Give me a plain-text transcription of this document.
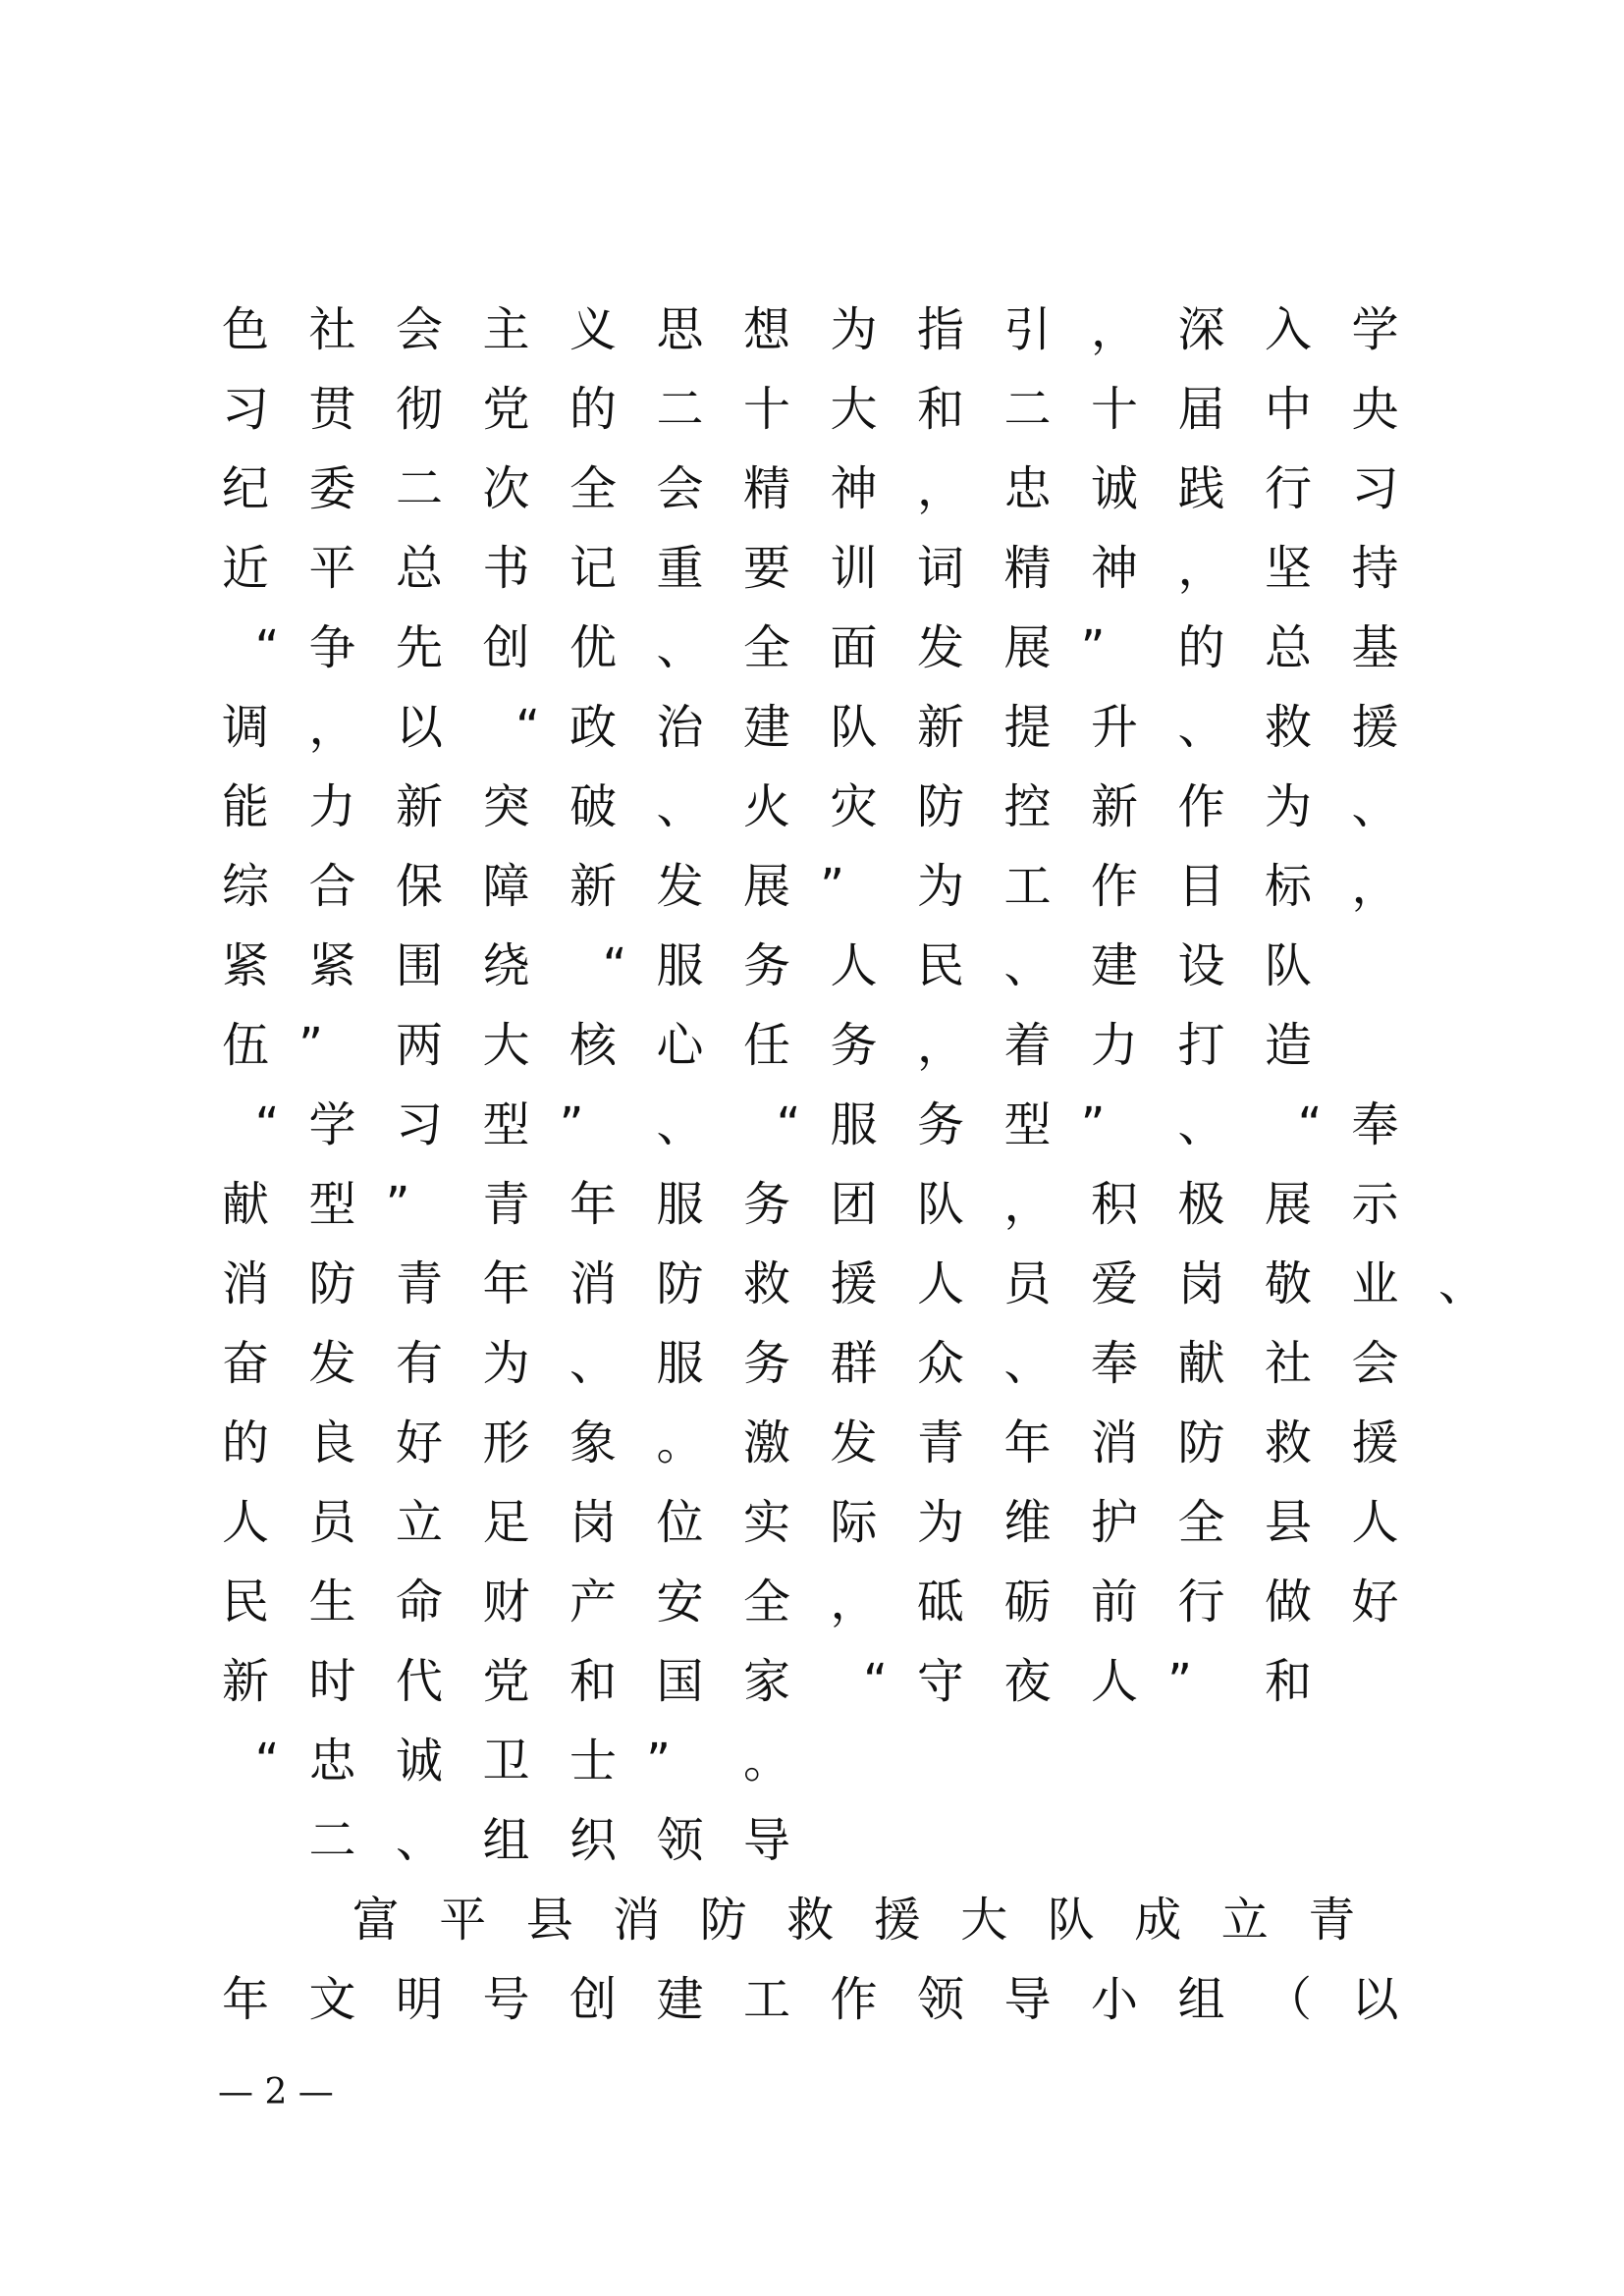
色 社 会 主 义 思 想 为 指 引 ， 深 入 学
习 贯 彻 党 的 二 十 大 和 二 十 届 中 央
纪 委 二 次 全 会 精 神 ， 忠 诚 践 行 习
近 平 总 书 记 重 要 训 词 精 神 ， 坚 持
“ 争 先 创 优 、 全 面 发 展 ”	的 总 基
调 ， 以	“ 政 治 建 队 新 提 升 、 救 援
能 力 新 突 破 、 火 灾 防 控 新 作 为 、
综 合 保 障 新 发 展 ”	为 工 作 目 标 ，
紧 紧 围 绕	“ 服 务 人 民 、 建 设 队
伍 ”	两 大 核 心 任 务 ， 着 力 打 造
“ 学 习 型 ”	、	“ 服 务 型 ”	、	“ 奉
献 型 ”	青 年 服 务 团 队 ， 积 极 展 示
消 防 青 年 消 防 救 援 人 员 爱 岗 敬 业 、
奋 发 有 为 、 服 务 群 众 、 奉 献 社 会
的 良 好 形 象 。 激 发 青 年 消 防 救 援
人 员 立 足 岗 位 实 际 为 维 护 全 县 人
民 生 命 财 产 安 全 ， 砥 砺 前 行 做 好
新 时 代 党 和 国 家	“ 守 夜 人 ”	和
“ 忠 诚 卫 士 ”	。
二 、 组 织 领 导
富 平 县 消 防 救 援 大 队 成 立 青
年 文 明 号 创 建 工 作 领 导 小 组 （ 以
— 2 —
